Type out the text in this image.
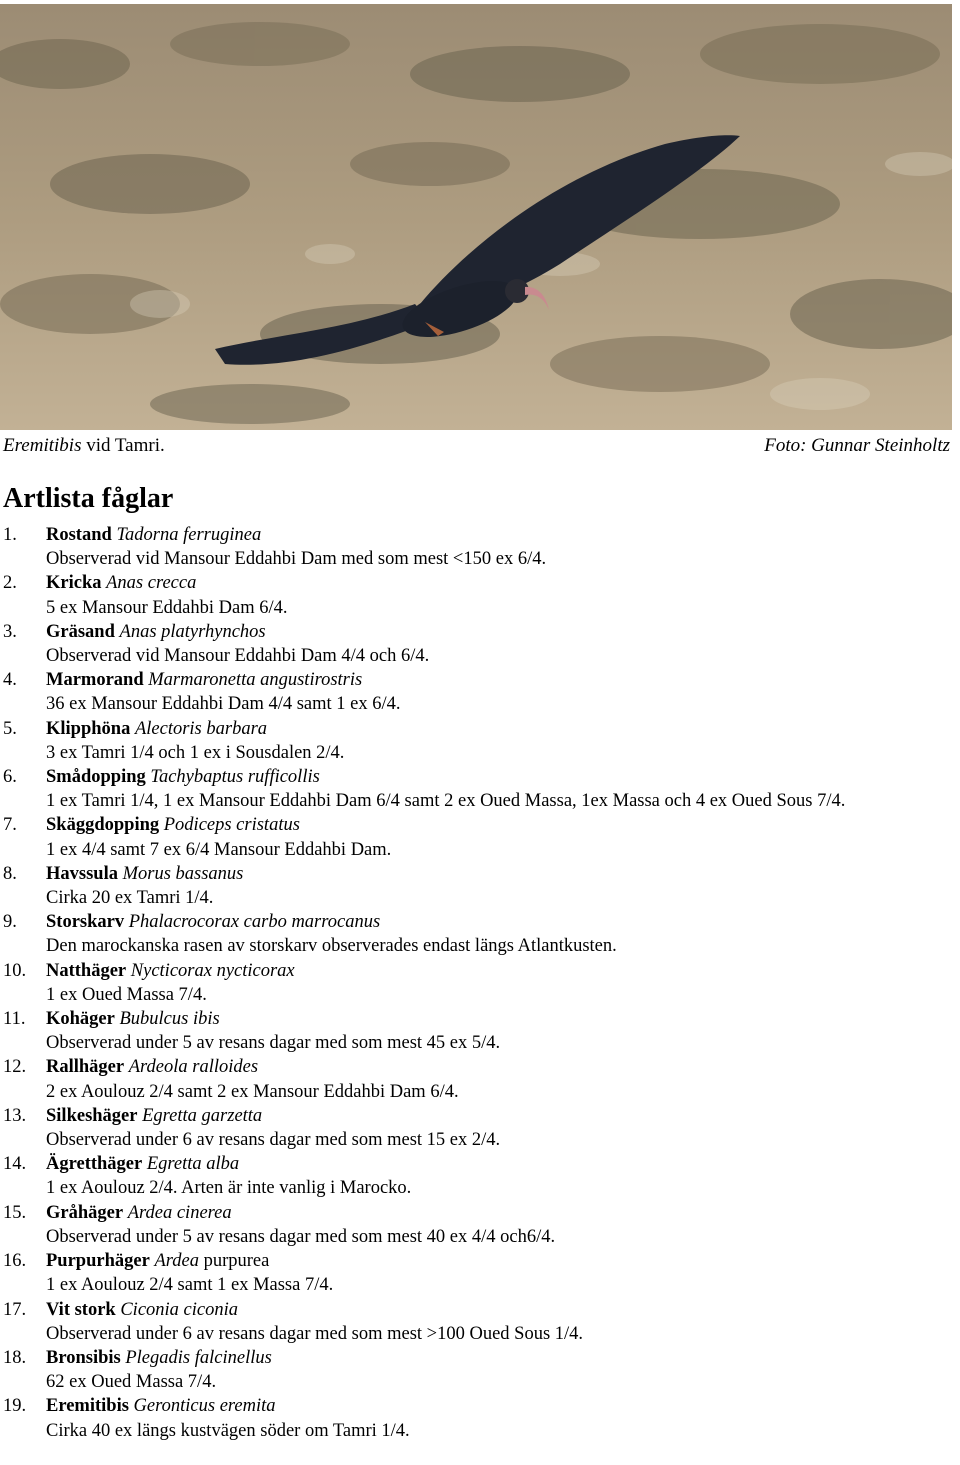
Eremitibis vid Tamri.	Foto: Gunnar Steinholtz
Artlista fåglar
1.	Rostand Tadorna ferruginea
Observerad vid Mansour Eddahbi Dam med som mest <150 ex 6/4.
2.	Kricka Anas crecca
5 ex Mansour Eddahbi Dam 6/4.
3.	Gräsand Anas platyrhynchos
Observerad vid Mansour Eddahbi Dam 4/4 och 6/4.
4.	Marmorand Marmaronetta angustirostris
36 ex Mansour Eddahbi Dam 4/4 samt 1 ex 6/4.
5.	Klipphöna Alectoris barbara
3 ex Tamri 1/4 och 1 ex i Sousdalen 2/4.
6.	Smådopping Tachybaptus rufficollis
1 ex Tamri 1/4, 1 ex Mansour Eddahbi Dam 6/4 samt 2 ex Oued Massa, 1ex Massa och 4 ex Oued Sous 7/4.
7.	Skäggdopping Podiceps cristatus
1 ex 4/4 samt 7 ex 6/4 Mansour Eddahbi Dam.
8.	Havssula Morus bassanus
Cirka 20 ex Tamri 1/4.
9.	Storskarv Phalacrocorax carbo marrocanus
Den marockanska rasen av storskarv observerades endast längs Atlantkusten.
10.	Natthäger Nycticorax nycticorax
1 ex Oued Massa 7/4.
11.	Kohäger Bubulcus ibis
Observerad under 5 av resans dagar med som mest 45 ex 5/4.
12.	Rallhäger Ardeola ralloides
2 ex Aoulouz 2/4 samt 2 ex Mansour Eddahbi Dam 6/4.
13.	Silkeshäger Egretta garzetta
Observerad under 6 av resans dagar med som mest 15 ex 2/4.
14.	Ägretthäger Egretta alba
1 ex Aoulouz 2/4. Arten är inte vanlig i Marocko.
15.	Gråhäger Ardea cinerea
Observerad under 5 av resans dagar med som mest 40 ex 4/4 och6/4.
16.	Purpurhäger Ardea purpurea
1 ex Aoulouz 2/4 samt 1 ex Massa 7/4.
17.	Vit stork Ciconia ciconia
Observerad under 6 av resans dagar med som mest >100 Oued Sous 1/4.
18.	Bronsibis Plegadis falcinellus
62 ex Oued Massa 7/4.
19.	Eremitibis Geronticus eremita
Cirka 40 ex längs kustvägen söder om Tamri 1/4.
